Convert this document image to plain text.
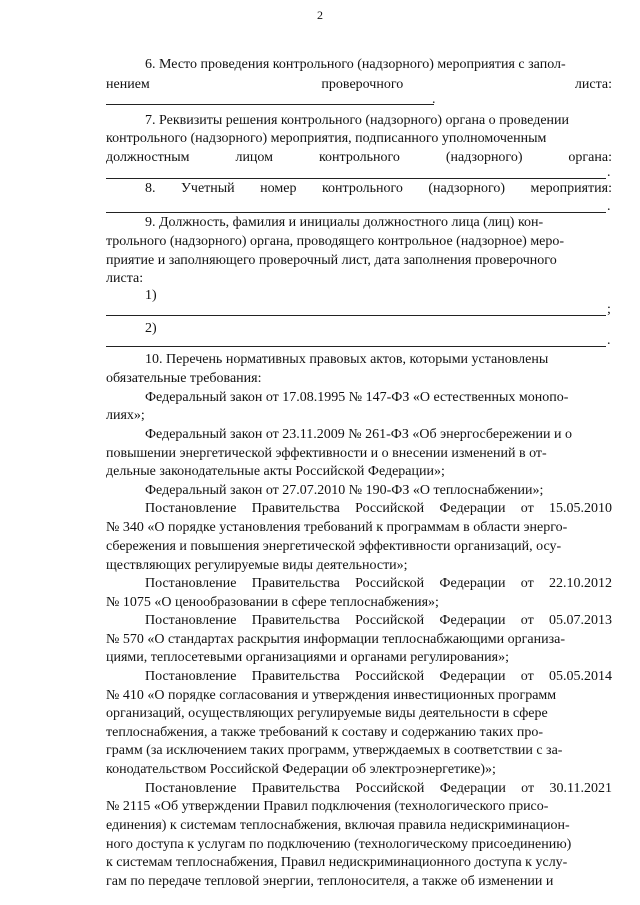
2
6. Место проведения контрольного (надзорного) мероприятия с запол-
нением	проверочного	листа:
.
7. Реквизиты решения контрольного (надзорного) органа о проведении
контрольного (надзорного) мероприятия, подписанного уполномоченным
должностным	лицом	контрольного	(надзорного)	органа:
.
8. Учетный номер контрольного (надзорного) мероприятия:
.
9. Должность, фамилия и инициалы должностного лица (лиц) кон-
трольного (надзорного) органа, проводящего контрольное (надзорное) меро-
приятие и заполняющего проверочный лист, дата заполнения проверочного
листа:
1)
;
2)
.
10. Перечень нормативных правовых актов, которыми установлены
обязательные требования:
Федеральный закон от 17.08.1995 № 147-ФЗ «О естественных монопо-
лиях»;
Федеральный закон от 23.11.2009 № 261-ФЗ «Об энергосбережении и о
повышении энергетической эффективности и о внесении изменений в от-
дельные законодательные акты Российской Федерации»;
Федеральный закон от 27.07.2010 № 190-ФЗ «О теплоснабжении»;
Постановление Правительства Российской Федерации от 15.05.2010
№ 340 «О порядке установления требований к программам в области энерго-
сбережения и повышения энергетической эффективности организаций, осу-
ществляющих регулируемые виды деятельности»;
Постановление Правительства Российской Федерации от 22.10.2012
№ 1075 «О ценообразовании в сфере теплоснабжения»;
Постановление Правительства Российской Федерации от 05.07.2013
№ 570 «О стандартах раскрытия информации теплоснабжающими организа-
циями, теплосетевыми организациями и органами регулирования»;
Постановление Правительства Российской Федерации от 05.05.2014
№ 410 «О порядке согласования и утверждения инвестиционных программ
организаций, осуществляющих регулируемые виды деятельности в сфере
теплоснабжения, а также требований к составу и содержанию таких про-
грамм (за исключением таких программ, утверждаемых в соответствии с за-
конодательством Российской Федерации об электроэнергетике)»;
Постановление Правительства Российской Федерации от 30.11.2021
№ 2115 «Об утверждении Правил подключения (технологического присо-
единения) к системам теплоснабжения, включая правила недискриминацион-
ного доступа к услугам по подключению (технологическому присоединению)
к системам теплоснабжения, Правил недискриминационного доступа к услу-
гам по передаче тепловой энергии, теплоносителя, а также об изменении и
